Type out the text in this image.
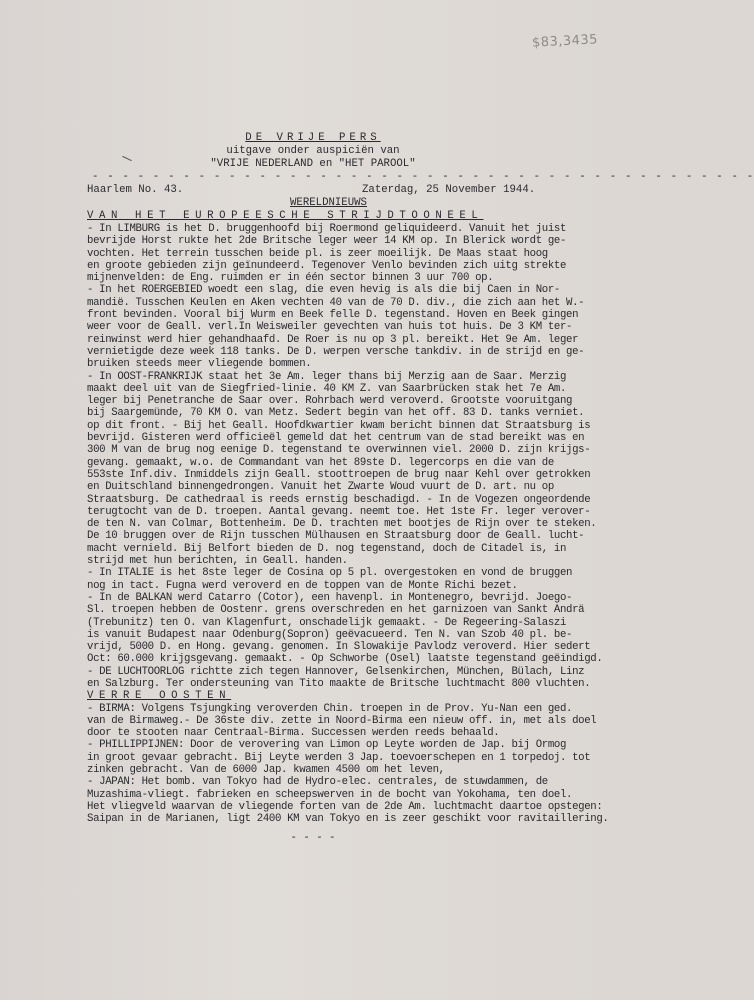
$83,3435
DE VRIJE PERS
uitgave onder auspiciën van
"VRIJE NEDERLAND en "HET PAROOL"
- - - - - - - - - - - - - - - - - - - - - - - - - - - - - - - - - - - - - - - - - - - -
Haarlem No. 43.	Zaterdag, 25 November 1944.
WERELDNIEUWS
VAN HET EUROPEESCHE STRIJDTOONEEL
- In LIMBURG is het D. bruggenhoofd bij Roermond geliquideerd. Vanuit het juist
bevrijde Horst rukte het 2de Britsche leger weer 14 KM op. In Blerick wordt ge-
vochten. Het terrein tusschen beide pl. is zeer moeilijk. De Maas staat hoog
en groote gebieden zijn geïnundeerd. Tegenover Venlo bevinden zich uitg strekte
mijnenvelden: de Eng. ruimden er in één sector binnen 3 uur 700 op.
- In het ROERGEBIED woedt een slag, die even hevig is als die bij Caen in Nor-
mandië. Tusschen Keulen en Aken vechten 40 van de 70 D. div., die zich aan het W.-
front bevinden. Vooral bij Wurm en Beek felle D. tegenstand. Hoven en Beek gingen
weer voor de Geall. verl.In Weisweiler gevechten van huis tot huis. De 3 KM ter-
reinwinst werd hier gehandhaafd. De Roer is nu op 3 pl. bereikt. Het 9e Am. leger
vernietigde deze week 118 tanks. De D. werpen versche tankdiv. in de strijd en ge-
bruiken steeds meer vliegende bommen.
- In OOST-FRANKRIJK staat het 3e Am. leger thans bij Merzig aan de Saar. Merzig
maakt deel uit van de Siegfried-linie. 40 KM Z. van Saarbrücken stak het 7e Am.
leger bij Penetranche de Saar over. Rohrbach werd veroverd. Grootste vooruitgang
bij Saargemünde, 70 KM O. van Metz. Sedert begin van het off. 83 D. tanks verniet.
op dit front. - Bij het Geall. Hoofdkwartier kwam bericht binnen dat Straatsburg is
bevrijd. Gisteren werd officieël gemeld dat het centrum van de stad bereikt was en
300 M van de brug nog eenige D. tegenstand te overwinnen viel. 2000 D. zijn krijgs-
gevang. gemaakt, w.o. de Commandant van het 89ste D. legercorps en die van de
553ste Inf.div. Inmiddels zijn Geall. stoottroepen de brug naar Kehl over getrokken
en Duitschland binnengedrongen. Vanuit het Zwarte Woud vuurt de D. art. nu op
Straatsburg. De cathedraal is reeds ernstig beschadigd. - In de Vogezen ongeordende
terugtocht van de D. troepen. Aantal gevang. neemt toe. Het 1ste Fr. leger verover-
de ten N. van Colmar, Bottenheim. De D. trachten met bootjes de Rijn over te steken.
De 10 bruggen over de Rijn tusschen Mülhausen en Straatsburg door de Geall. lucht-
macht vernield. Bij Belfort bieden de D. nog tegenstand, doch de Citadel is, in
strijd met hun berichten, in Geall. handen.
- In ITALIE is het 8ste leger de Cosina op 5 pl. overgestoken en vond de bruggen
nog in tact. Fugna werd veroverd en de toppen van de Monte Richi bezet.
- In de BALKAN werd Catarro (Cotor), een havenpl. in Montenegro, bevrijd. Joego-
Sl. troepen hebben de Oostenr. grens overschreden en het garnizoen van Sankt Andrä
(Trebunitz) ten O. van Klagenfurt, onschadelijk gemaakt. - De Regeering-Salaszi
is vanuit Budapest naar Odenburg(Sopron) geëvacueerd. Ten N. van Szob 40 pl. be-
vrijd, 5000 D. en Hong. gevang. genomen. In Slowakije Pavlodz veroverd. Hier sedert
Oct: 60.000 krijgsgevang. gemaakt. - Op Schworbe (Osel) laatste tegenstand geëindigd.
- DE LUCHTOORLOG richtte zich tegen Hannover, Gelsenkirchen, München, Bülach, Linz
en Salzburg. Ter ondersteuning van Tito maakte de Britsche luchtmacht 800 vluchten.
VERRE OOSTEN
- BIRMA: Volgens Tsjungking veroverden Chin. troepen in de Prov. Yu-Nan een ged.
van de Birmaweg.- De 36ste div. zette in Noord-Birma een nieuw off. in, met als doel
door te stooten naar Centraal-Birma. Successen werden reeds behaald.
- PHILLIPPIJNEN: Door de verovering van Limon op Leyte worden de Jap. bij Ormog
in groot gevaar gebracht. Bij Leyte werden 3 Jap. toevoerschepen en 1 torpedoj. tot
zinken gebracht. Van de 6000 Jap. kwamen 4500 om het leven,
- JAPAN: Het bomb. van Tokyo had de Hydro-elec. centrales, de stuwdammen, de
Muzashima-vliegt. fabrieken en scheepswerven in de bocht van Yokohama, ten doel.
Het vliegveld waarvan de vliegende forten van de 2de Am. luchtmacht daartoe opstegen:
Saipan in de Marianen, ligt 2400 KM van Tokyo en is zeer geschikt voor ravitaillering.
- - - -
